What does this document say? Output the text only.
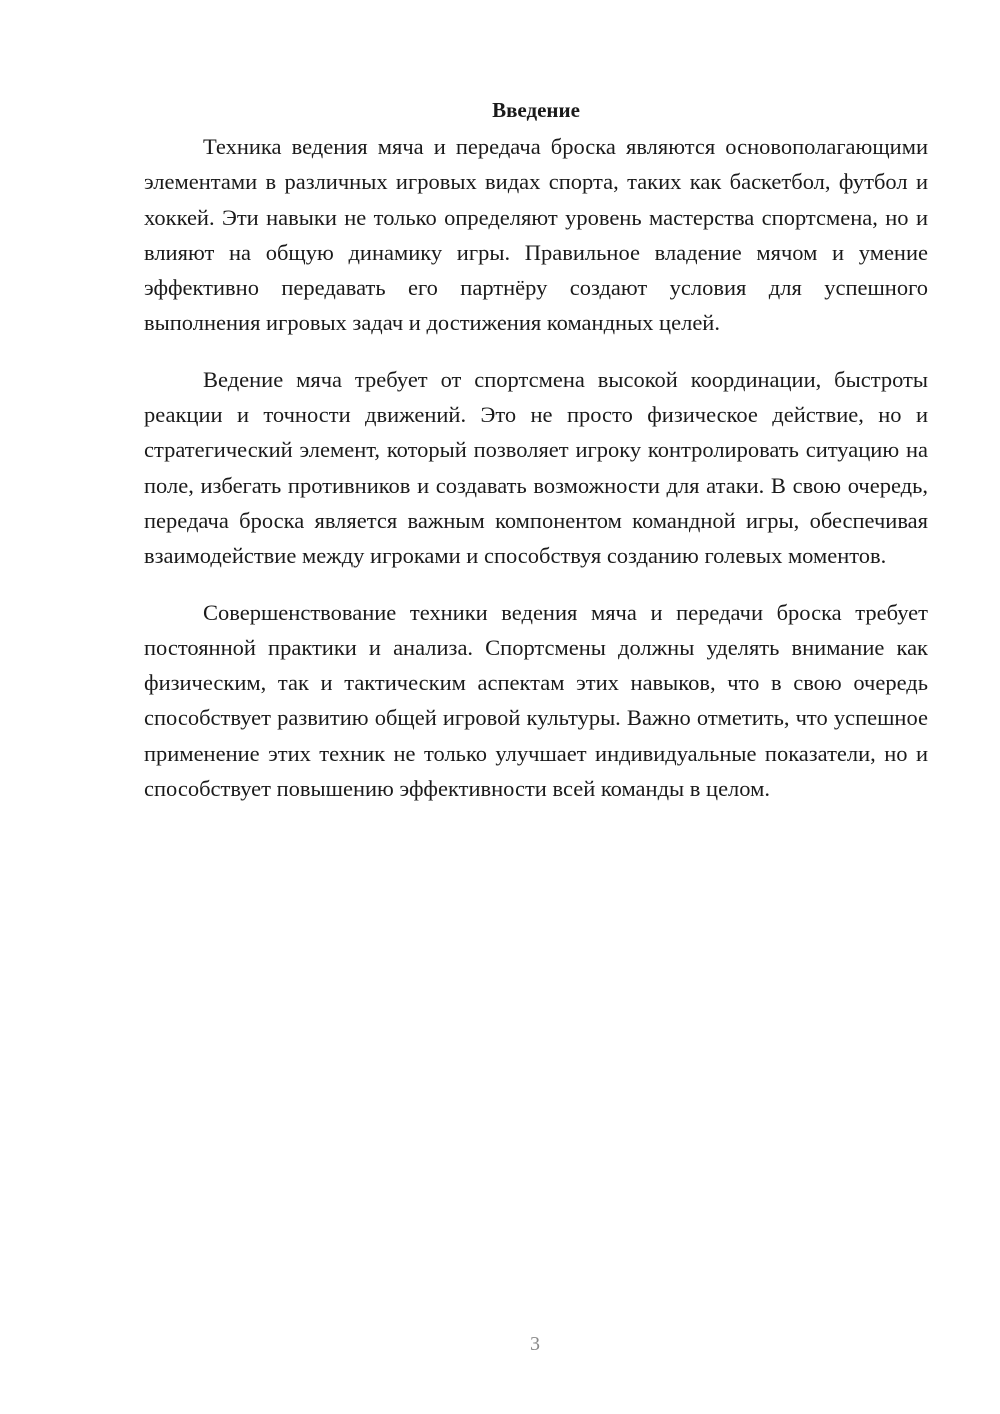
Введение

Техника ведения мяча и передача броска являются основополагающими элементами в различных игровых видах спорта, таких как баскетбол, футбол и хоккей. Эти навыки не только определяют уровень мастерства спортсмена, но и влияют на общую динамику игры. Правильное владение мячом и умение эффективно передавать его партнёру создают условия для успешного выполнения игровых задач и достижения командных целей.

Ведение мяча требует от спортсмена высокой координации, быстроты реакции и точности движений. Это не просто физическое действие, но и стратегический элемент, который позволяет игроку контролировать ситуацию на поле, избегать противников и создавать возможности для атаки. В свою очередь, передача броска является важным компонентом командной игры, обеспечивая взаимодействие между игроками и способствуя созданию голевых моментов.

Совершенствование техники ведения мяча и передачи броска требует постоянной практики и анализа. Спортсмены должны уделять внимание как физическим, так и тактическим аспектам этих навыков, что в свою очередь способствует развитию общей игровой культуры. Важно отметить, что успешное применение этих техник не только улучшает индивидуальные показатели, но и способствует повышению эффективности всей команды в целом.

3
